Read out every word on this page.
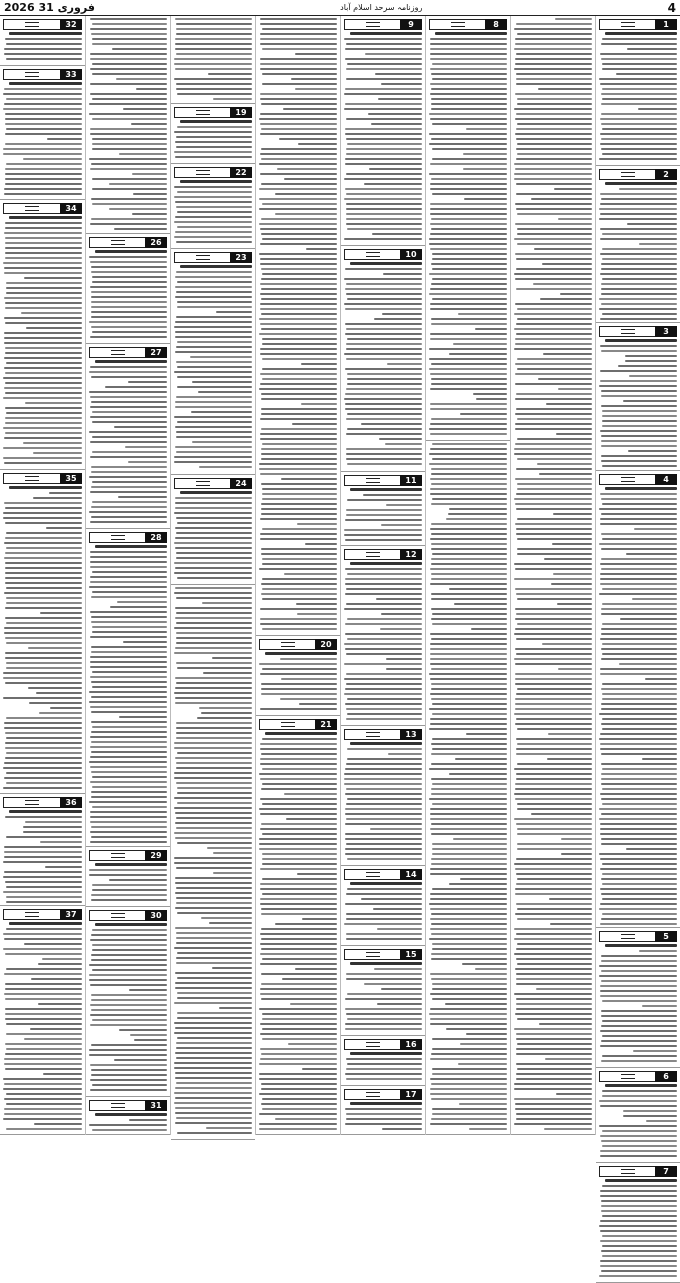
2026 فروری 31	روزنامہ سرحد اسلام آباد	4
1
2
3
4
5
6
7
8
9
10
11
12
13
14
15
16
17
20
21
19
22
23
24
26
27
28
29
30
31
32
33
34
35
36
37
